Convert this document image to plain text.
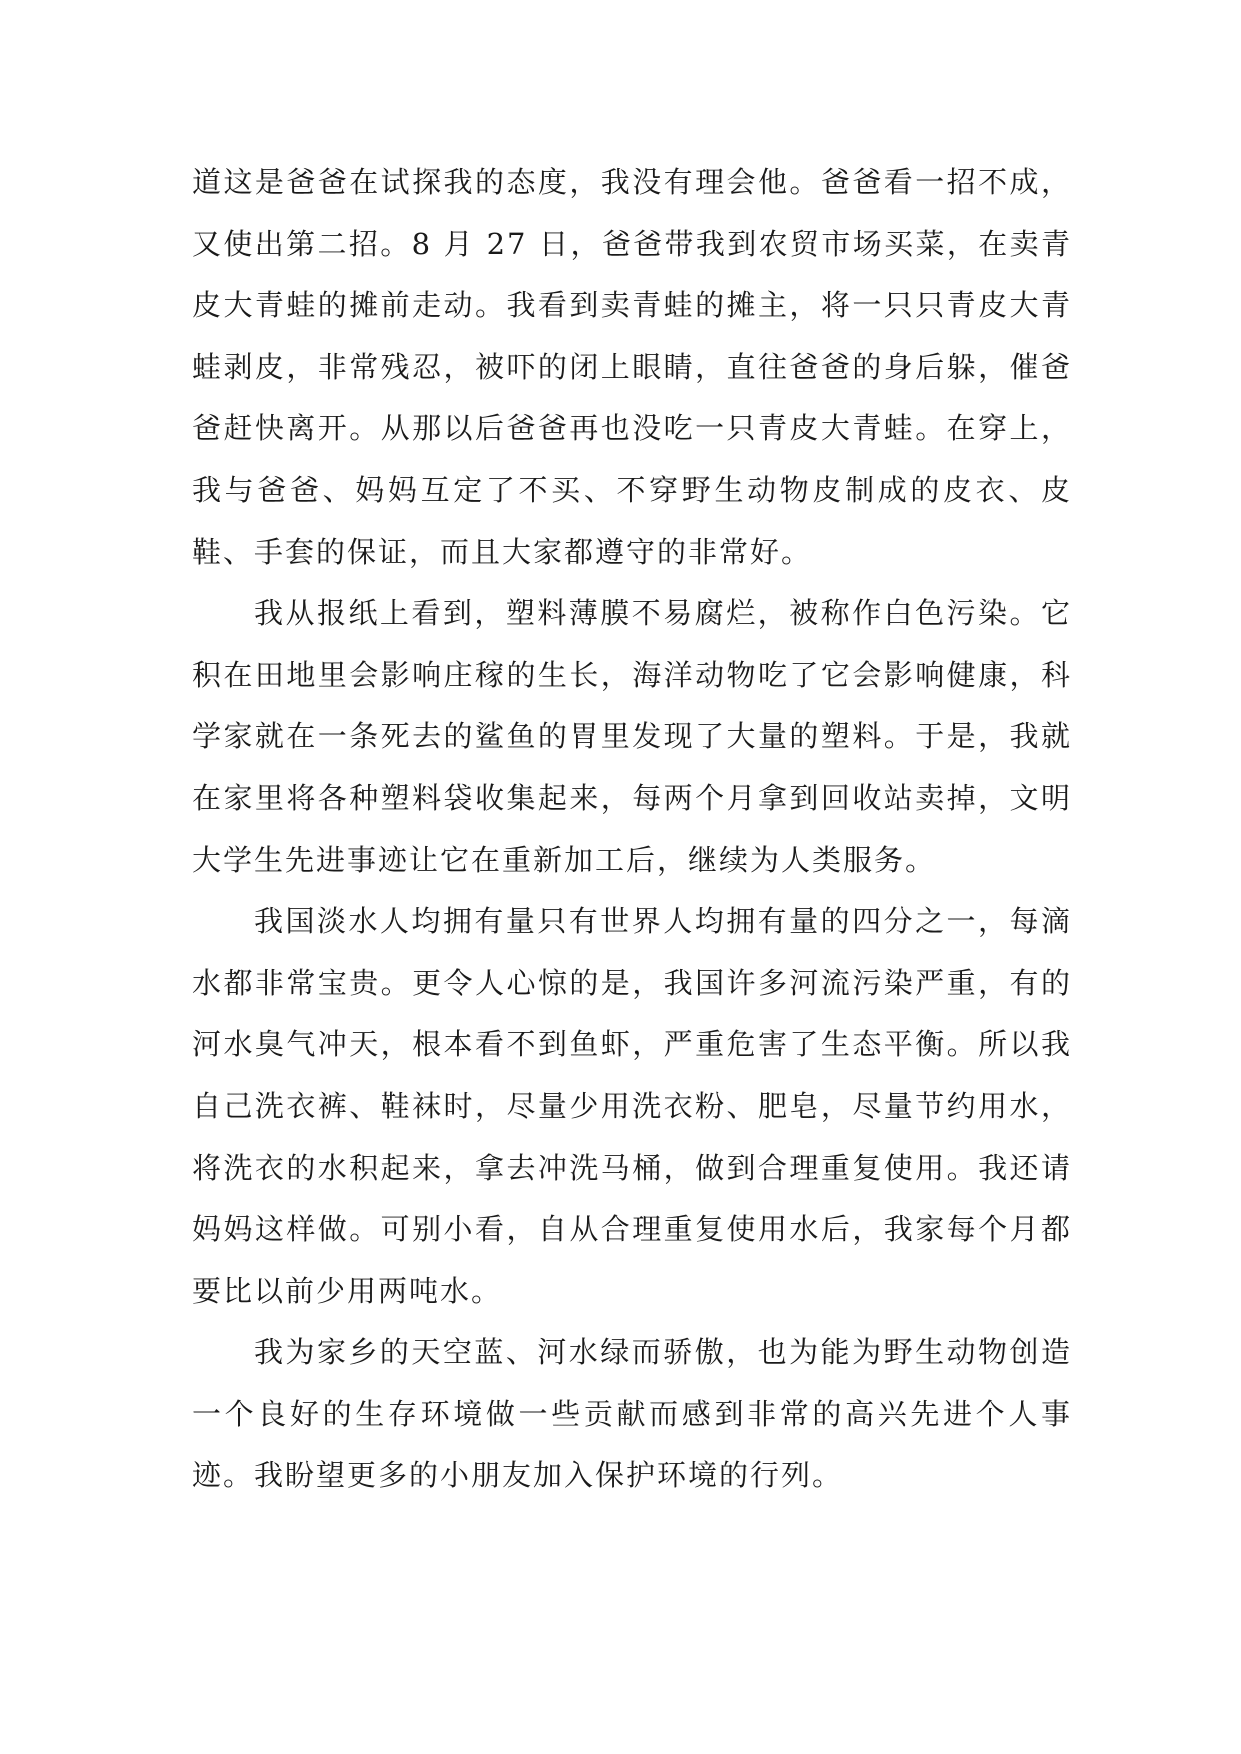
道这是爸爸在试探我的态度，我没有理会他。爸爸看一招不成，又使出第二招。8 月 27 日，爸爸带我到农贸市场买菜，在卖青皮大青蛙的摊前走动。我看到卖青蛙的摊主，将一只只青皮大青蛙剥皮，非常残忍，被吓的闭上眼睛，直往爸爸的身后躲，催爸爸赶快离开。从那以后爸爸再也没吃一只青皮大青蛙。在穿上，我与爸爸、妈妈互定了不买、不穿野生动物皮制成的皮衣、皮鞋、手套的保证，而且大家都遵守的非常好。

我从报纸上看到，塑料薄膜不易腐烂，被称作白色污染。它积在田地里会影响庄稼的生长，海洋动物吃了它会影响健康，科学家就在一条死去的鲨鱼的胃里发现了大量的塑料。于是，我就在家里将各种塑料袋收集起来，每两个月拿到回收站卖掉，文明大学生先进事迹让它在重新加工后，继续为人类服务。

我国淡水人均拥有量只有世界人均拥有量的四分之一，每滴水都非常宝贵。更令人心惊的是，我国许多河流污染严重，有的河水臭气冲天，根本看不到鱼虾，严重危害了生态平衡。所以我自己洗衣裤、鞋袜时，尽量少用洗衣粉、肥皂，尽量节约用水，将洗衣的水积起来，拿去冲洗马桶，做到合理重复使用。我还请妈妈这样做。可别小看，自从合理重复使用水后，我家每个月都要比以前少用两吨水。

我为家乡的天空蓝、河水绿而骄傲，也为能为野生动物创造一个良好的生存环境做一些贡献而感到非常的高兴先进个人事迹。我盼望更多的小朋友加入保护环境的行列。
